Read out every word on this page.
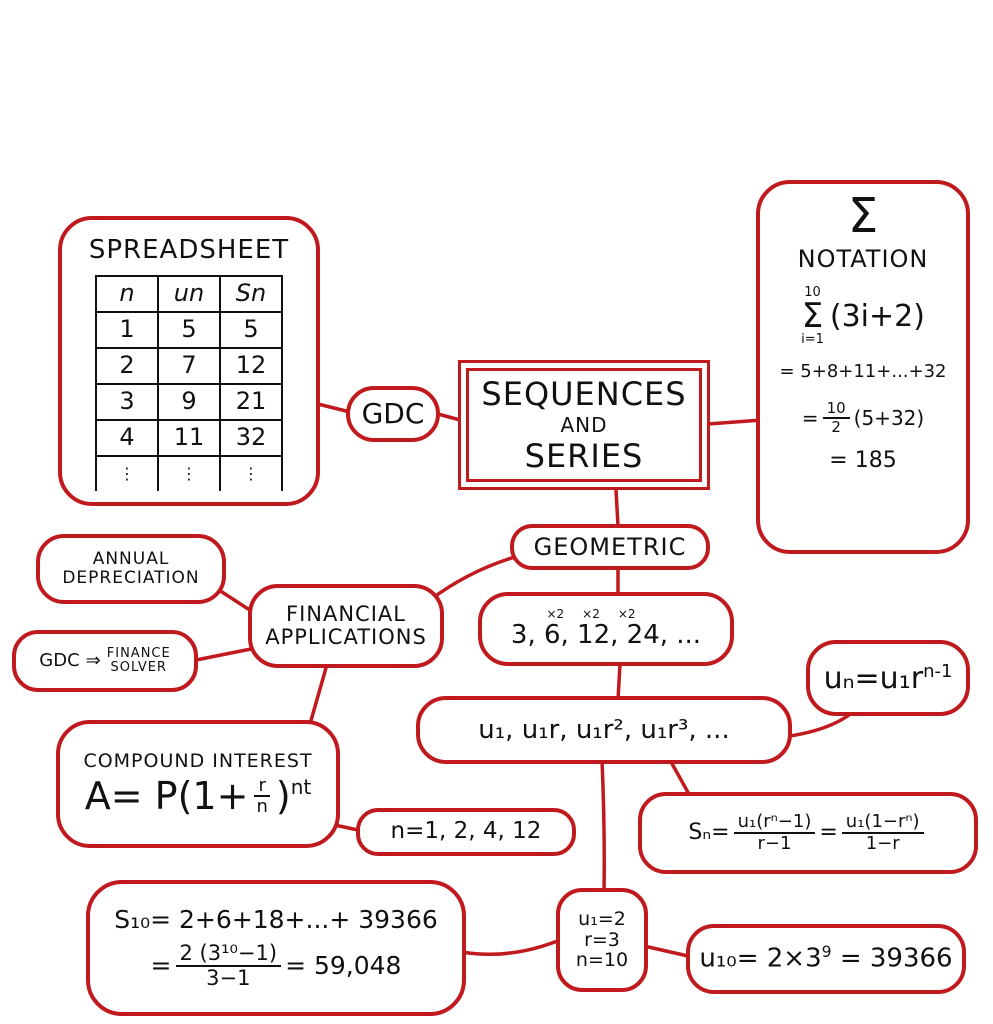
SEQUENCES
AND
SERIES
SPREADSHEET
n	un	Sn
1	5	5
2	7	12
3	9	21
4	11	32
⋮	⋮	⋮
GDC
Σ
NOTATION
10
Σ
i=1
(3i+2)
= 5+8+11+...+32
= $\frac{10}{2} (5+32)$
= 185
GEOMETRIC
×2 ×2 ×2
3, 6, 12, 24, ...
u₁, u₁r, u₁r², u₁r³, ...
$u_n=u_1r^{n-1}$
$S_n= \frac{\text{u₁(rⁿ−1)}}{r-1} = \frac{\text{u₁(1−rⁿ)}}{1-r}$
FINANCIAL
APPLICATIONS
ANNUAL
DEPRECIATION
GDC ⇒ FINANCE
SOLVER
COMPOUND INTEREST
$A= P(1+ \frac{r}{n} )^{nt}$
n=1, 2, 4, 12
u₁=2
r=3
n=10
S₁₀= 2+6+18+...+ 39366
= $\frac{\text{2 (3¹⁰−1)}}{3-1} = 59,048$	$u_{10}= 2\times 3^9 = 39366$
